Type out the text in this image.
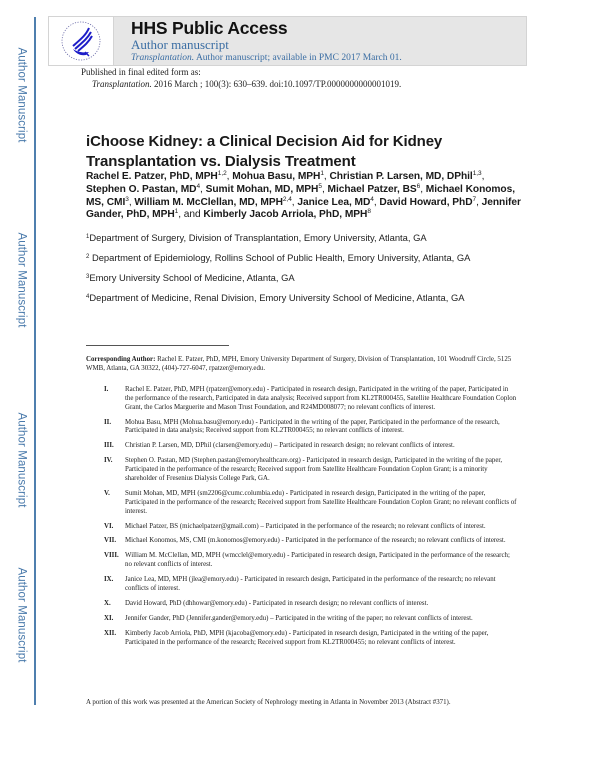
Author Manuscript
Author Manuscript
Author Manuscript
Author Manuscript
HHS Public Access
Author manuscript
Transplantation. Author manuscript; available in PMC 2017 March 01.
Published in final edited form as:
Transplantation. 2016 March ; 100(3): 630–639. doi:10.1097/TP.0000000000001019.
iChoose Kidney: a Clinical Decision Aid for Kidney Transplantation vs. Dialysis Treatment
Rachel E. Patzer, PhD, MPH$^{1,2}$, Mohua Basu, MPH$^1$, Christian P. Larsen, MD, DPhil$^{1,3}$, Stephen O. Pastan, $MD^4$, Sumit Mohan, MD, MPH$^5$, Michael Patzer, $BS^6$, Michael Konomos, MS, CMI$^3$, William M. McClellan, MD, MPH$^{2,4}$, Janice Lea, $MD^4$, David Howard, PhD$^7$, Jennifer Gander, PhD, MPH$^1$, and Kimberly Jacob Arriola, PhD, MPH$^8$
$^1$Department of Surgery, Division of Transplantation, Emory University, Atlanta, GA
$^2$ Department of Epidemiology, Rollins School of Public Health, Emory University, Atlanta, GA
$^3$Emory University School of Medicine, Atlanta, GA
$^4$Department of Medicine, Renal Division, Emory University School of Medicine, Atlanta, GA
Corresponding Author: Rachel E. Patzer, PhD, MPH, Emory University Department of Surgery, Division of Transplantation, 101 Woodruff Circle, 5125 WMB, Atlanta, GA 30322, (404)-727-6047, rpatzer@emory.edu.
I.	Rachel E. Patzer, PhD, MPH (rpatzer@emory.edu) - Participated in research design, Participated in the writing of the paper, Participated in the performance of the research, Participated in data analysis; Received support from KL2TR000455, Satellite Healthcare Foundation Coplon Grant, the Carlos Marguerite and Mason Trust Foundation, and R24MD008077; no relevant conflicts of interest.
II.	Mohua Basu, MPH (Mohua.basu@emory.edu) - Participated in the writing of the paper, Participated in the performance of the research, Participated in data analysis; Received support from KL2TR000455; no relevant conflicts of interest.
III.	Christian P. Larsen, MD, DPhil (clarsen@emory.edu) – Participated in research design; no relevant conflicts of interest.
IV.	Stephen O. Pastan, MD (Stephen.pastan@emoryhealthcare.org) - Participated in research design, Participated in the writing of the paper, Participated in the performance of the research; Received support from Satellite Healthcare Foundation Coplon Grant; is a minority shareholder of Fresenius Dialysis College Park, GA.
V.	Sumit Mohan, MD, MPH (sm2206@cumc.columbia.edu) - Participated in research design, Participated in the writing of the paper, Participated in the performance of the research; Received support from Satellite Healthcare Foundation Coplon Grant; no relevant conflicts of interest.
VI.	Michael Patzer, BS (michaelpatzer@gmail.com) – Participated in the performance of the research; no relevant conflicts of interest.
VII.	Michael Konomos, MS, CMI (m.konomos@emory.edu) - Participated in the performance of the research; no relevant conflicts of interest.
VIII. William M. McClellan, MD, MPH (wmcclel@emory.edu) - Participated in research design, Participated in the performance of the research; no relevant conflicts of interest.
IX.	Janice Lea, MD, MPH (jlea@emory.edu) - Participated in research design, Participated in the performance of the research; no relevant conflicts of interest.
X.	David Howard, PhD (dhhowar@emory.edu) - Participated in research design; no relevant conflicts of interest.
XI.	Jennifer Gander, PhD (Jennifer.gander@emory.edu) – Participated in the writing of the paper; no relevant conflicts of interest.
XII.	Kimberly Jacob Arriola, PhD, MPH (kjacoba@emory.edu) - Participated in research design, Participated in the writing of the paper, Participated in the performance of the research; Received support from KL2TR000455; no relevant conflicts of interest.
A portion of this work was presented at the American Society of Nephrology meeting in Atlanta in November 2013 (Abstract #371).
